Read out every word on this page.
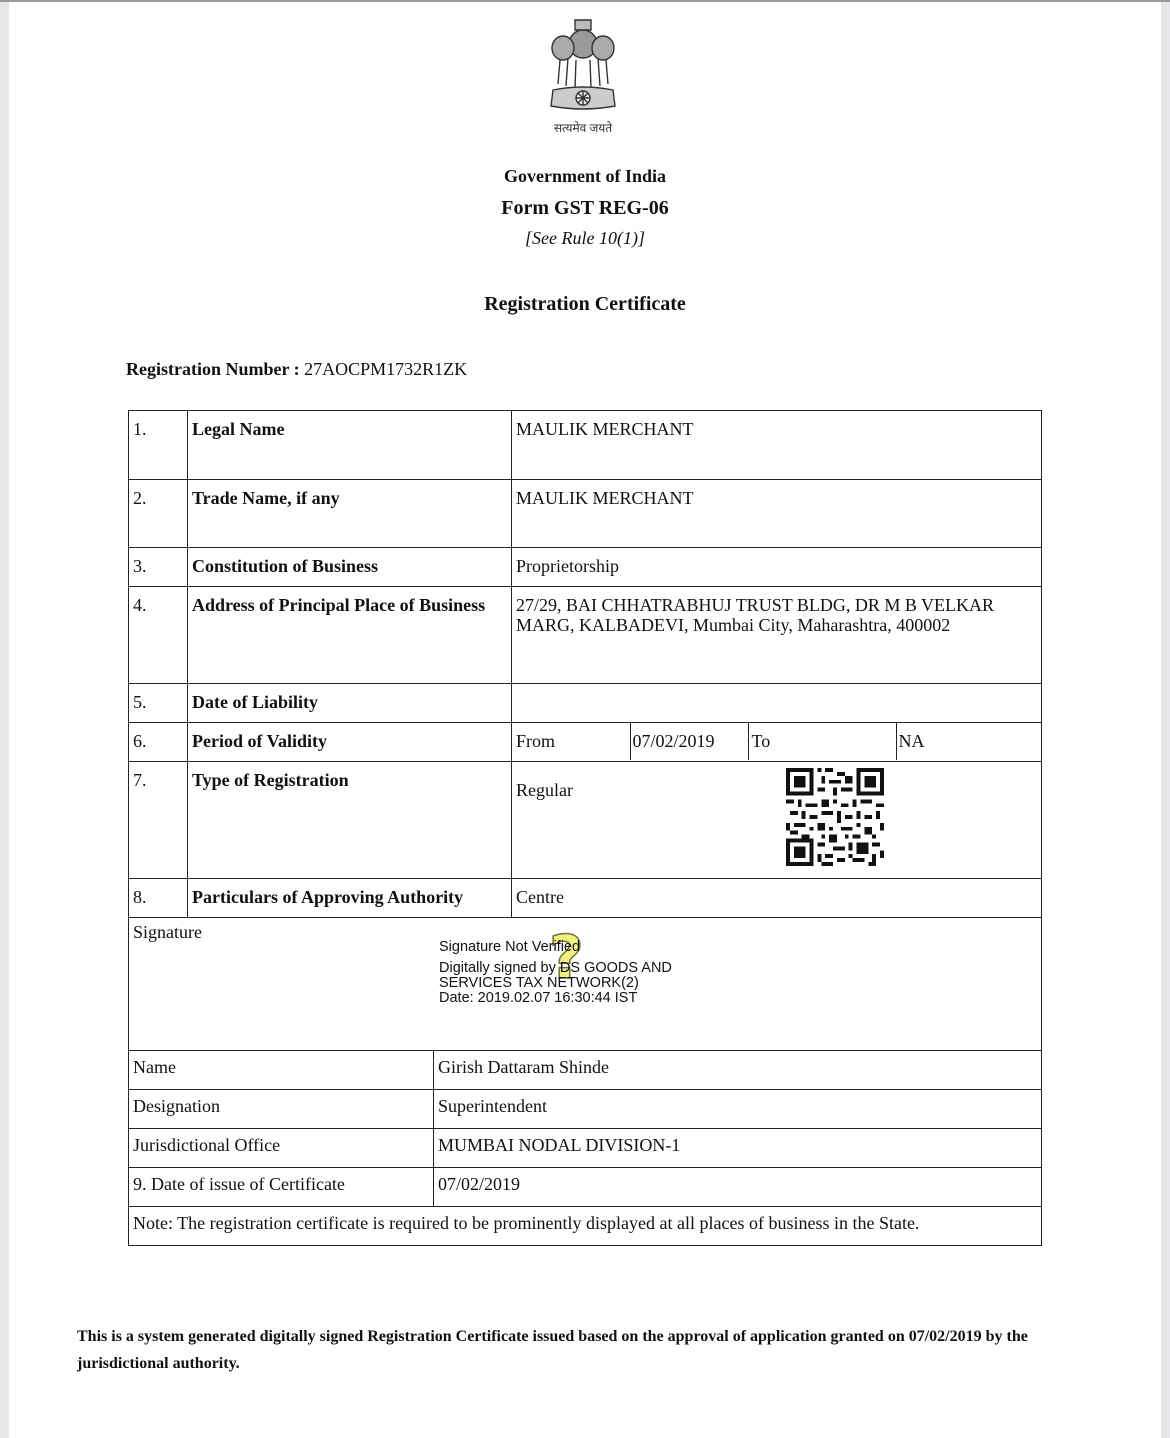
सत्यमेव जयते
Government of India
Form GST REG-06
[See Rule 10(1)]
Registration Certificate
Registration Number : 27AOCPM1732R1ZK
1.	Legal Name	MAULIK MERCHANT
2.	Trade Name, if any	MAULIK MERCHANT
3.	Constitution of Business	Proprietorship
4.	Address of Principal Place of Business	27/29, BAI CHHATRABHUJ TRUST BLDG, DR M B VELKAR MARG, KALBADEVI, Mumbai City, Maharashtra, 400002
5.	Date of Liability	
6.	Period of Validity		From	07/02/2019	To	NA

7.	Type of Registration	Regular
8.	Particulars of Approving Authority	Centre
Signature	?
Signature Not Verified
Digitally signed by DS GOODS AND
SERVICES TAX NETWORK(2)
Date: 2019.02.07 16:30:44 IST
Name	Girish Dattaram Shinde
Designation	Superintendent
Jurisdictional Office	MUMBAI NODAL DIVISION-1
9. Date of issue of Certificate	07/02/2019
Note: The registration certificate is required to be prominently displayed at all places of business in the State.	
This is a system generated digitally signed Registration Certificate issued based on the approval of application granted on 07/02/2019 by the jurisdictional authority.
